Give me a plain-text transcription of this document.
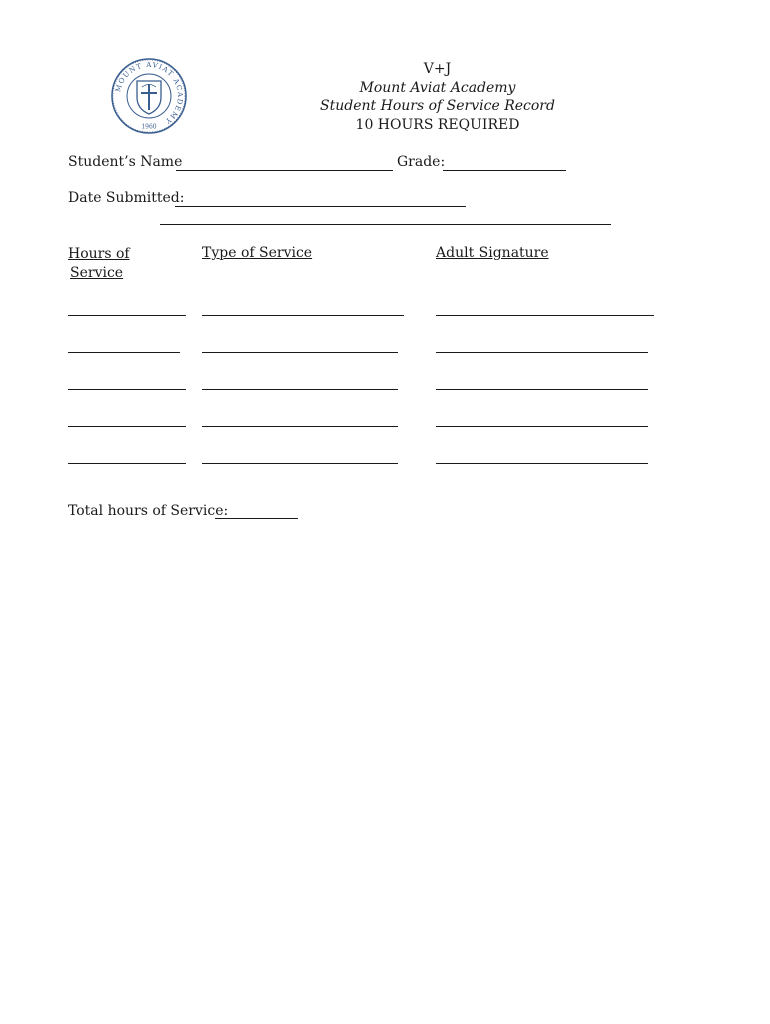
MOUNT AVIAT ACADEMY
1960
V+J
Mount Aviat Academy
Student Hours of Service Record
10 HOURS REQUIRED
Student’s Name	Grade:
Date Submitted:
Hours of
Service
Type of Service	Adult Signature
Total hours of Service:
